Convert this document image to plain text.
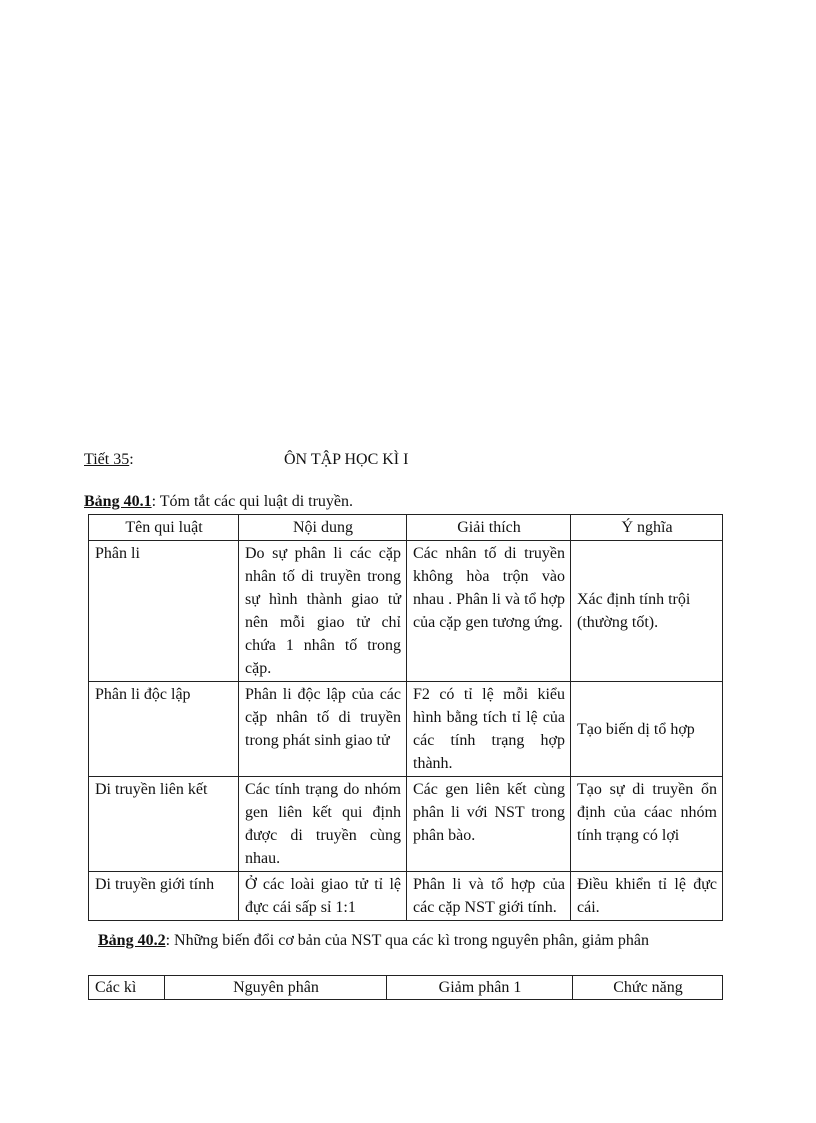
Tiết 35:	ÔN TẬP HỌC KÌ I
Bảng 40.1: Tóm tắt các qui luật di truyền.
Tên qui luật	Nội dung	Giải thích	Ý nghĩa
Phân li	Do sự phân li các cặp nhân tố di truyền trong sự hình thành giao tử nên mỗi giao tử chỉ chứa 1 nhân tố trong cặp.	Các nhân tố di truyền không hòa trộn vào nhau . Phân li và tổ hợp của cặp gen tương ứng.	Xác định tính trội (thường tốt).
Phân li độc lập	Phân li độc lập của các cặp nhân tố di truyền trong phát sinh giao tử	F2 có tỉ lệ mỗi kiểu hình bằng tích tỉ lệ của các tính trạng hợp thành.	Tạo biến dị tổ hợp
Di truyền liên kết	Các tính trạng do nhóm gen liên kết qui định được di truyền cùng nhau.	Các gen liên kết cùng phân li với NST trong phân bào.	Tạo sự di truyền ổn định của cáac nhóm tính trạng có lợi
Di truyền giới tính	Ở các loài giao tử tỉ lệ đực cái sấp sỉ 1:1	Phân li và tổ hợp của các cặp NST giới tính.	Điều khiển tỉ lệ đực cái.
Bảng 40.2: Những biến đổi cơ bản của NST qua các kì trong nguyên phân, giảm phân
Các kì	Nguyên phân	Giảm phân 1	Chức năng
